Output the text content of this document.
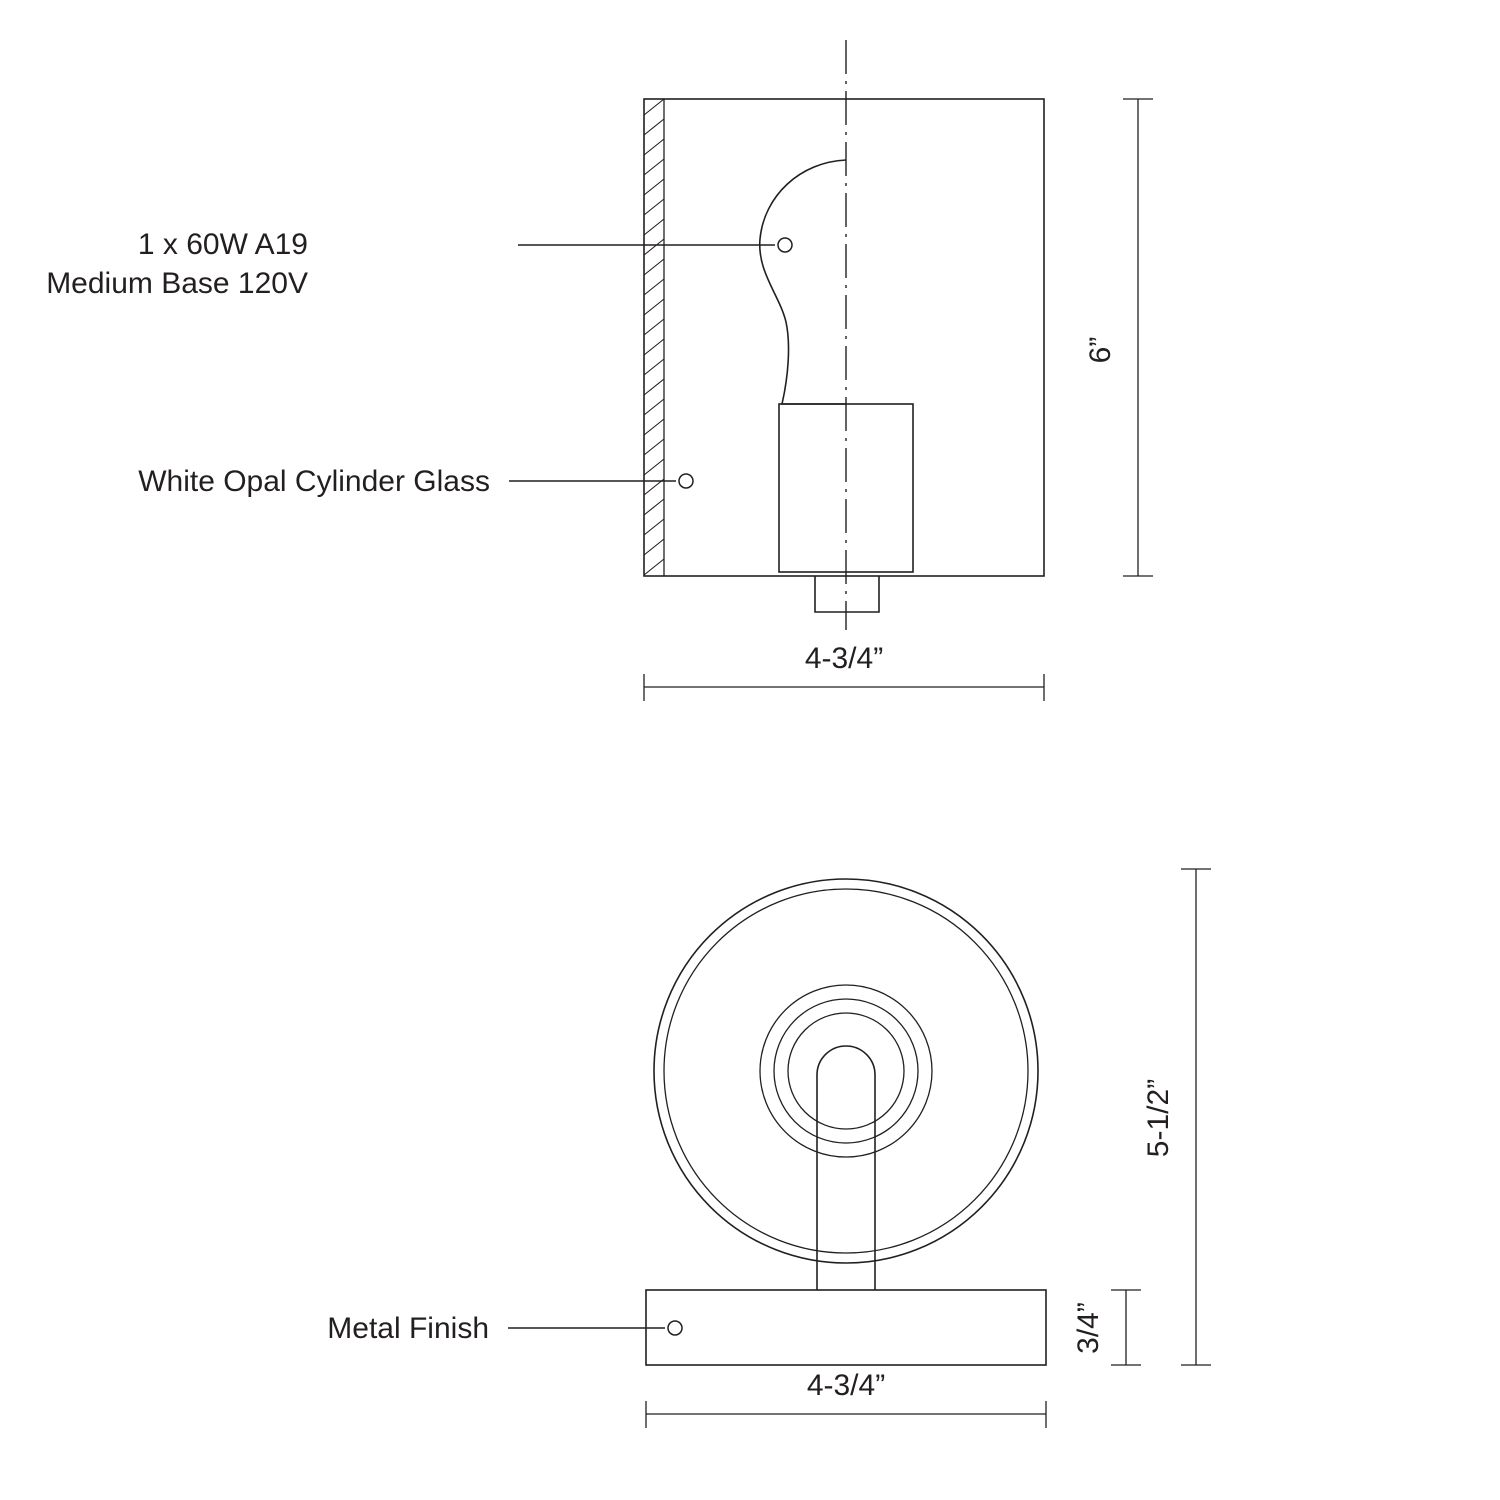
1 x 60W A19
Medium Base 120V
White Opal Cylinder Glass
6”
4-3/4”
Metal Finish
5-1/2”
3/4”
4-3/4”
